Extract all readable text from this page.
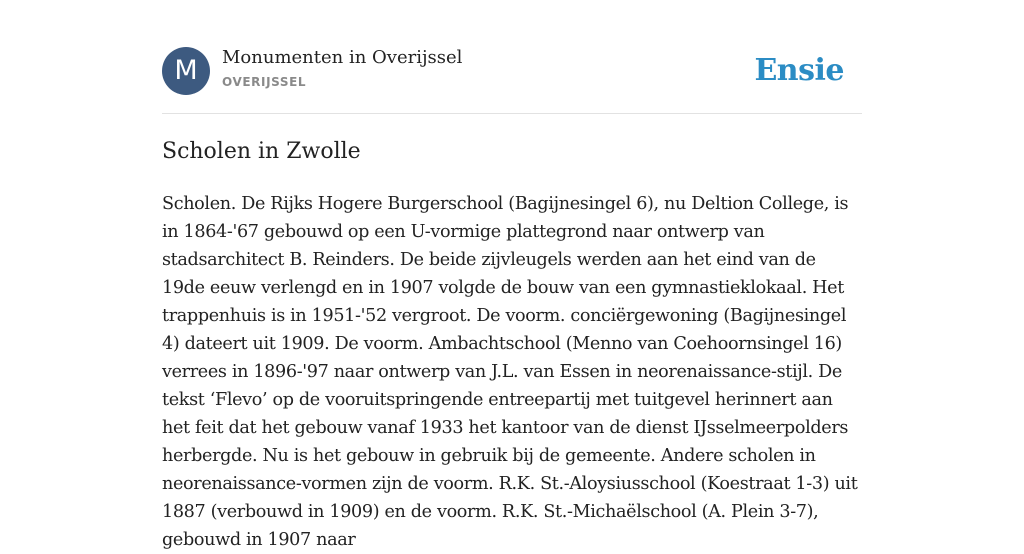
M	Monumenten in Overijssel
OVERIJSSEL	Ensie
Scholen in Zwolle

Scholen. De Rijks Hogere Burgerschool (Bagijnesingel 6), nu Deltion College, is in 1864-'67 gebouwd op een U-vormige plattegrond naar ontwerp van stadsarchitect B. Reinders. De beide zijvleugels werden aan het eind van de 19de eeuw verlengd en in 1907 volgde de bouw van een gymnastieklokaal. Het trappenhuis is in 1951-'52 vergroot. De voorm. conciërgewoning (Bagijnesingel 4) dateert uit 1909. De voorm. Ambachtschool (Menno van Coehoornsingel 16) verrees in 1896-'97 naar ontwerp van J.L. van Essen in neorenaissance-stijl. De tekst ‘Flevo’ op de vooruitspringende entreepartij met tuitgevel herinnert aan het feit dat het gebouw vanaf 1933 het kantoor van de dienst IJsselmeerpolders herbergde. Nu is het gebouw in gebruik bij de gemeente. Andere scholen in neorenaissance-vormen zijn de voorm. R.K. St.-Aloysiusschool (Koestraat 1-3) uit 1887 (verbouwd in 1909) en de voorm. R.K. St.-Michaëlschool (A. Plein 3-7), gebouwd in 1907 naar
